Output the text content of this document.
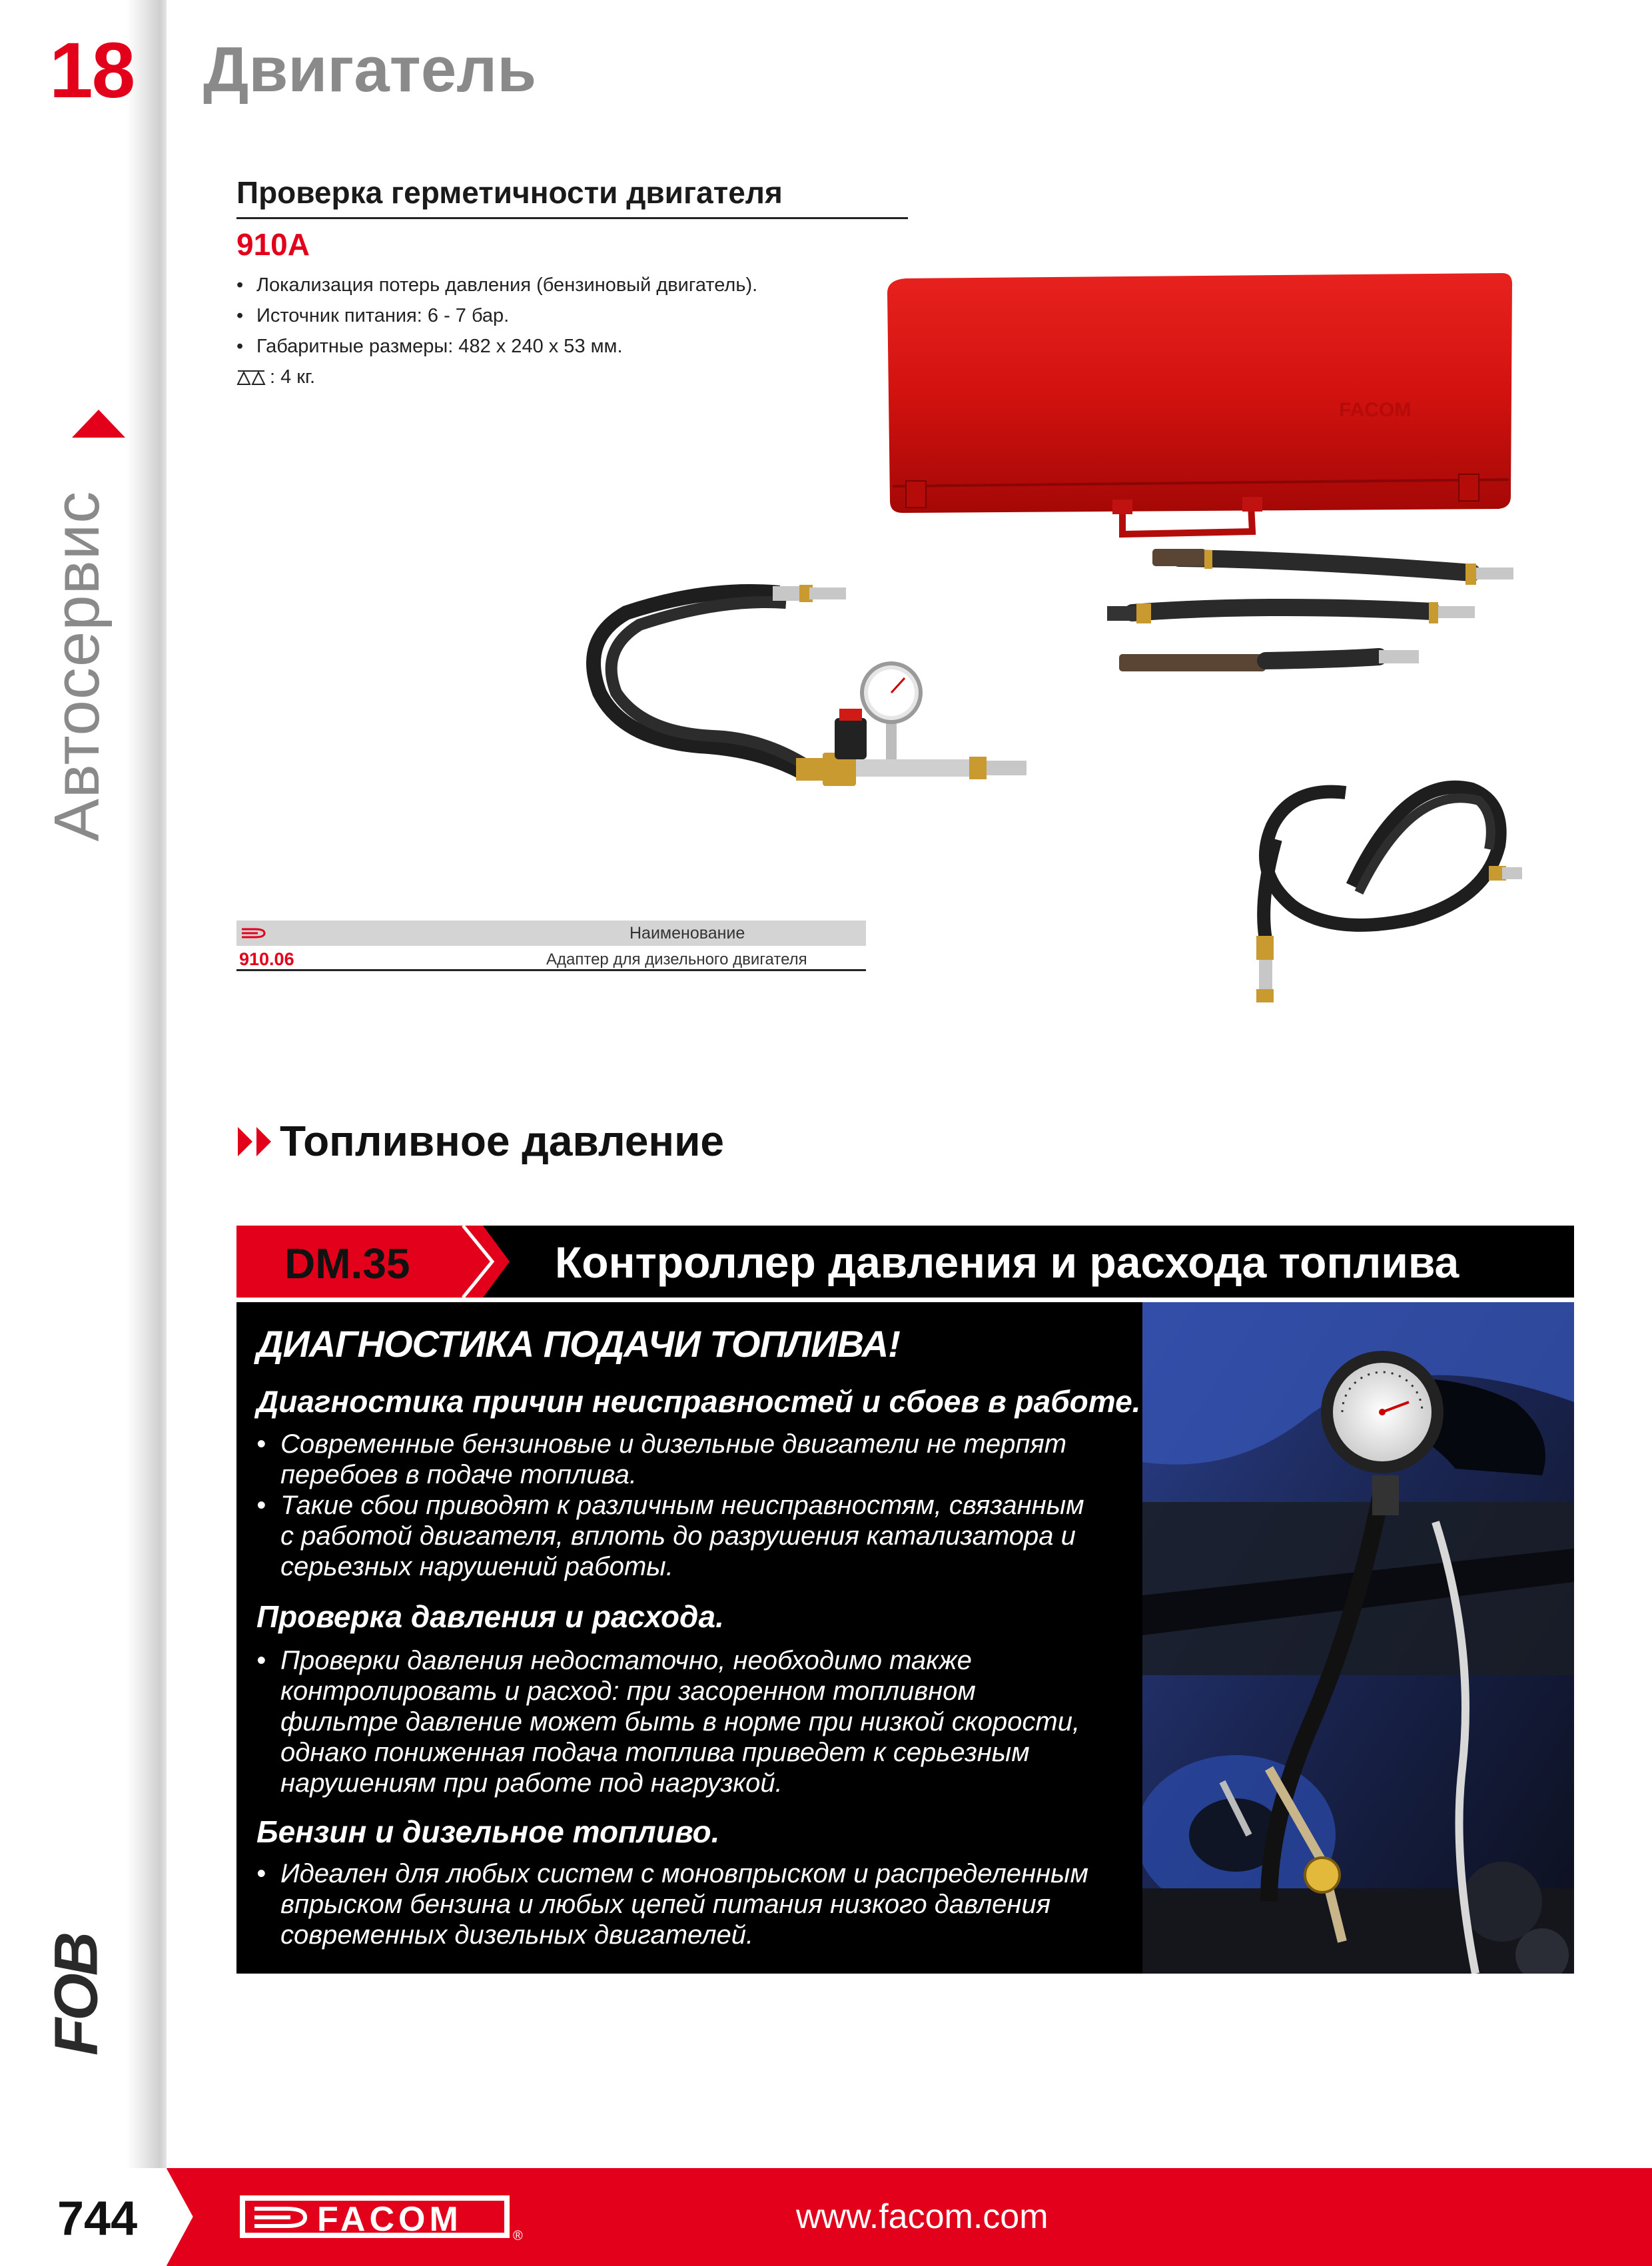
18
Автосервис
FOB
Двигатель
Проверка герметичности двигателя
910A
• Локализация потерь давления (бензиновый двигатель).
• Источник питания: 6 - 7 бар.
• Габаритные размеры: 482 x 240 x 53 мм.
: 4 кг.
FACOM
Наименование
910.06	Адаптер для дизельного двигателя
Топливное давление
DM.35	Контроллер давления и расхода топлива
ДИАГНОСТИКА ПОДАЧИ ТОПЛИВА!
Диагностика причин неисправностей и сбоев в работе.
• Современные бензиновые и дизельные двигатели не терпят
перебоев в подаче топлива.
• Такие сбои приводят к различным неисправностям, связанным
с работой двигателя, вплоть до разрушения катализатора и
серьезных нарушений работы.
Проверка давления и расхода.
• Проверки давления недостаточно, необходимо также
контролировать и расход: при засоренном топливном
фильтре давление может быть в норме при низкой скорости,
однако пониженная подача топлива приведет к серьезным
нарушениям при работе под нагрузкой.
Бензин и дизельное топливо.
• Идеален для любых систем с моновпрыском и распределенным
впрыском бензина и любых цепей питания низкого давления
современных дизельных двигателей.
744	FACOM	®	www.facom.com
